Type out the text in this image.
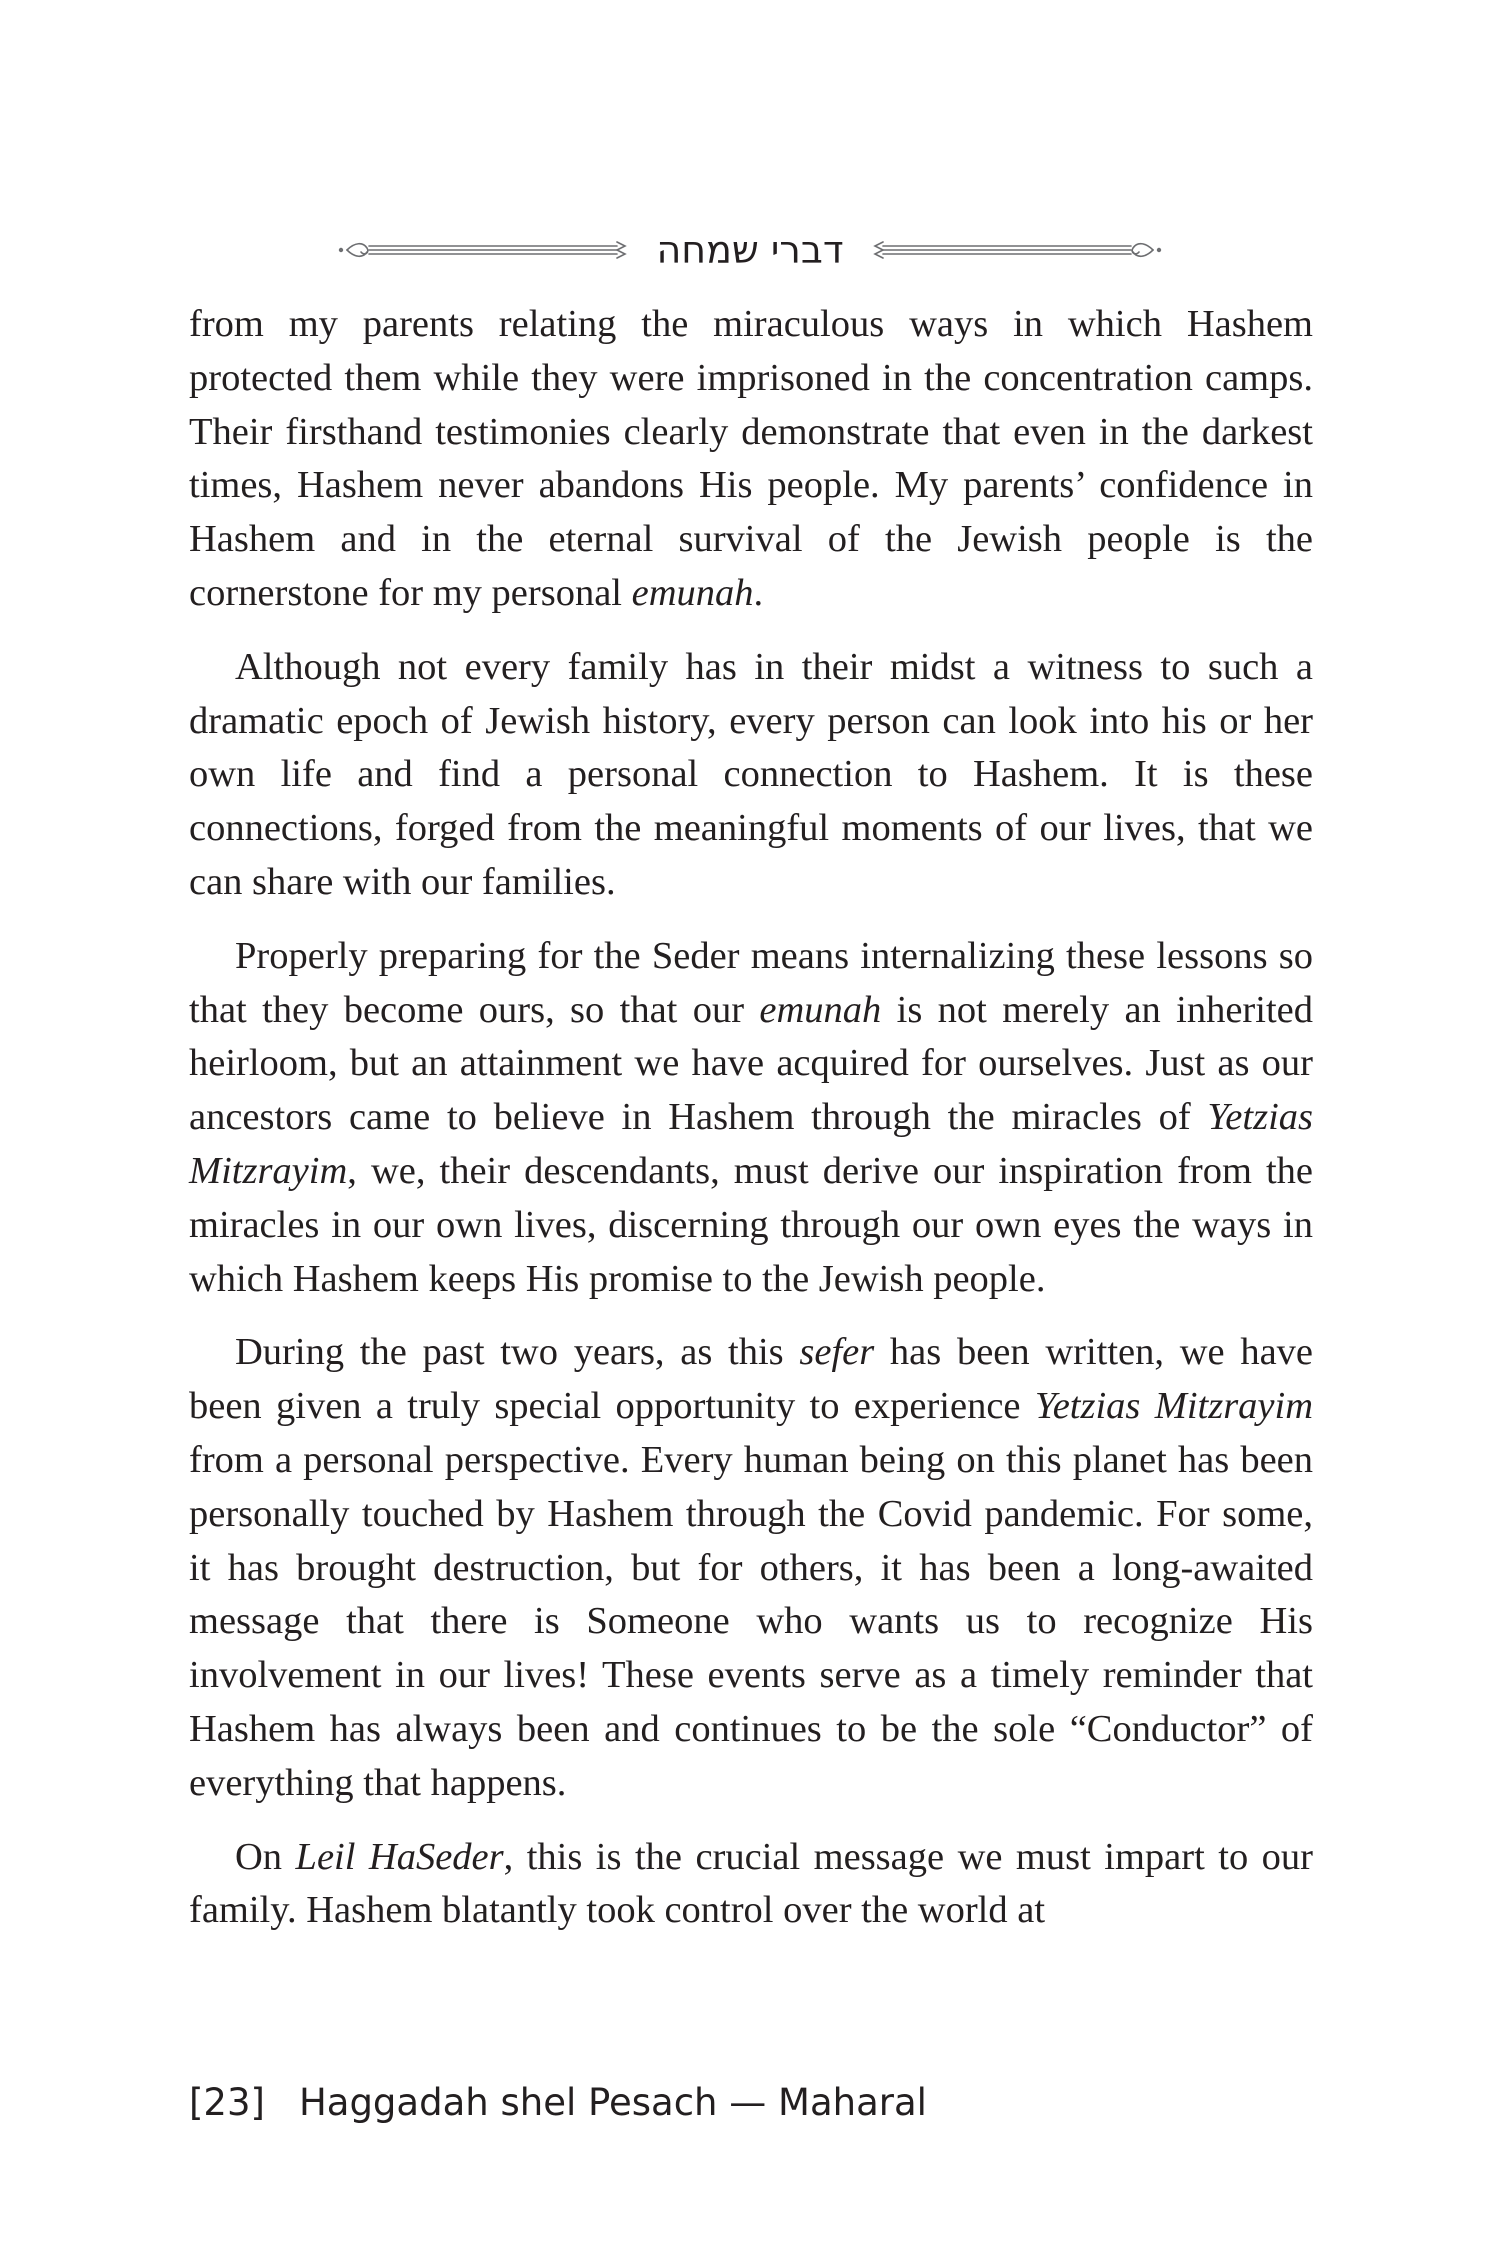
דברי שמחה

from my parents relating the miraculous ways in which Hashem protected them while they were imprisoned in the concentration camps. Their firsthand testimonies clearly demonstrate that even in the darkest times, Hashem never abandons His people. My parents’ confidence in Hashem and in the eternal survival of the Jewish people is the cornerstone for my personal emunah.

Although not every family has in their midst a witness to such a dramatic epoch of Jewish history, every person can look into his or her own life and find a personal connection to Hashem. It is these connections, forged from the meaningful moments of our lives, that we can share with our families.

Properly preparing for the Seder means internalizing these lessons so that they become ours, so that our emunah is not merely an inherited heirloom, but an attainment we have acquired for ourselves. Just as our ancestors came to believe in Hashem through the miracles of Yetzias Mitzrayim, we, their descendants, must derive our inspiration from the miracles in our own lives, discerning through our own eyes the ways in which Hashem keeps His promise to the Jewish people.

During the past two years, as this sefer has been written, we have been given a truly special opportunity to experience Yetzias Mitzrayim from a personal perspective. Every human being on this planet has been personally touched by Hashem through the Covid pandemic. For some, it has brought destruction, but for others, it has been a long-awaited message that there is Someone who wants us to recognize His involvement in our lives! These events serve as a timely reminder that Hashem has always been and continues to be the sole “Conductor” of everything that happens.

On Leil HaSeder, this is the crucial message we must impart to our family. Hashem blatantly took control over the world at

[23] Haggadah shel Pesach — Maharal
